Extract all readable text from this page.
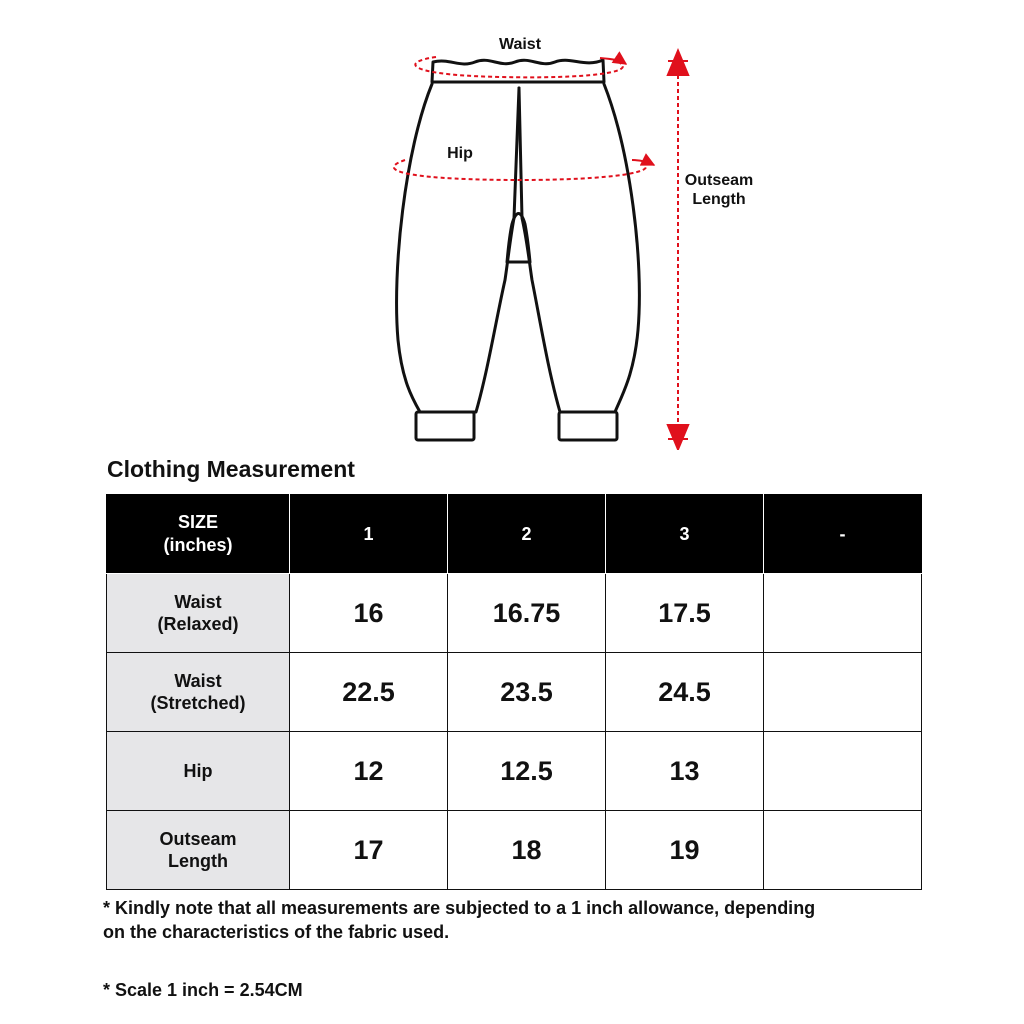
Waist
Hip
Outseam Length
Clothing Measurement
SIZE (inches)	1	2	3	-
Waist (Relaxed)	16	16.75	17.5	
Waist (Stretched)	22.5	23.5	24.5	
Hip	12	12.5	13	
Outseam Length	17	18	19	
* Kindly note that all measurements are subjected to a 1 inch allowance, depending on the characteristics of the fabric used.
* Scale 1 inch = 2.54CM
